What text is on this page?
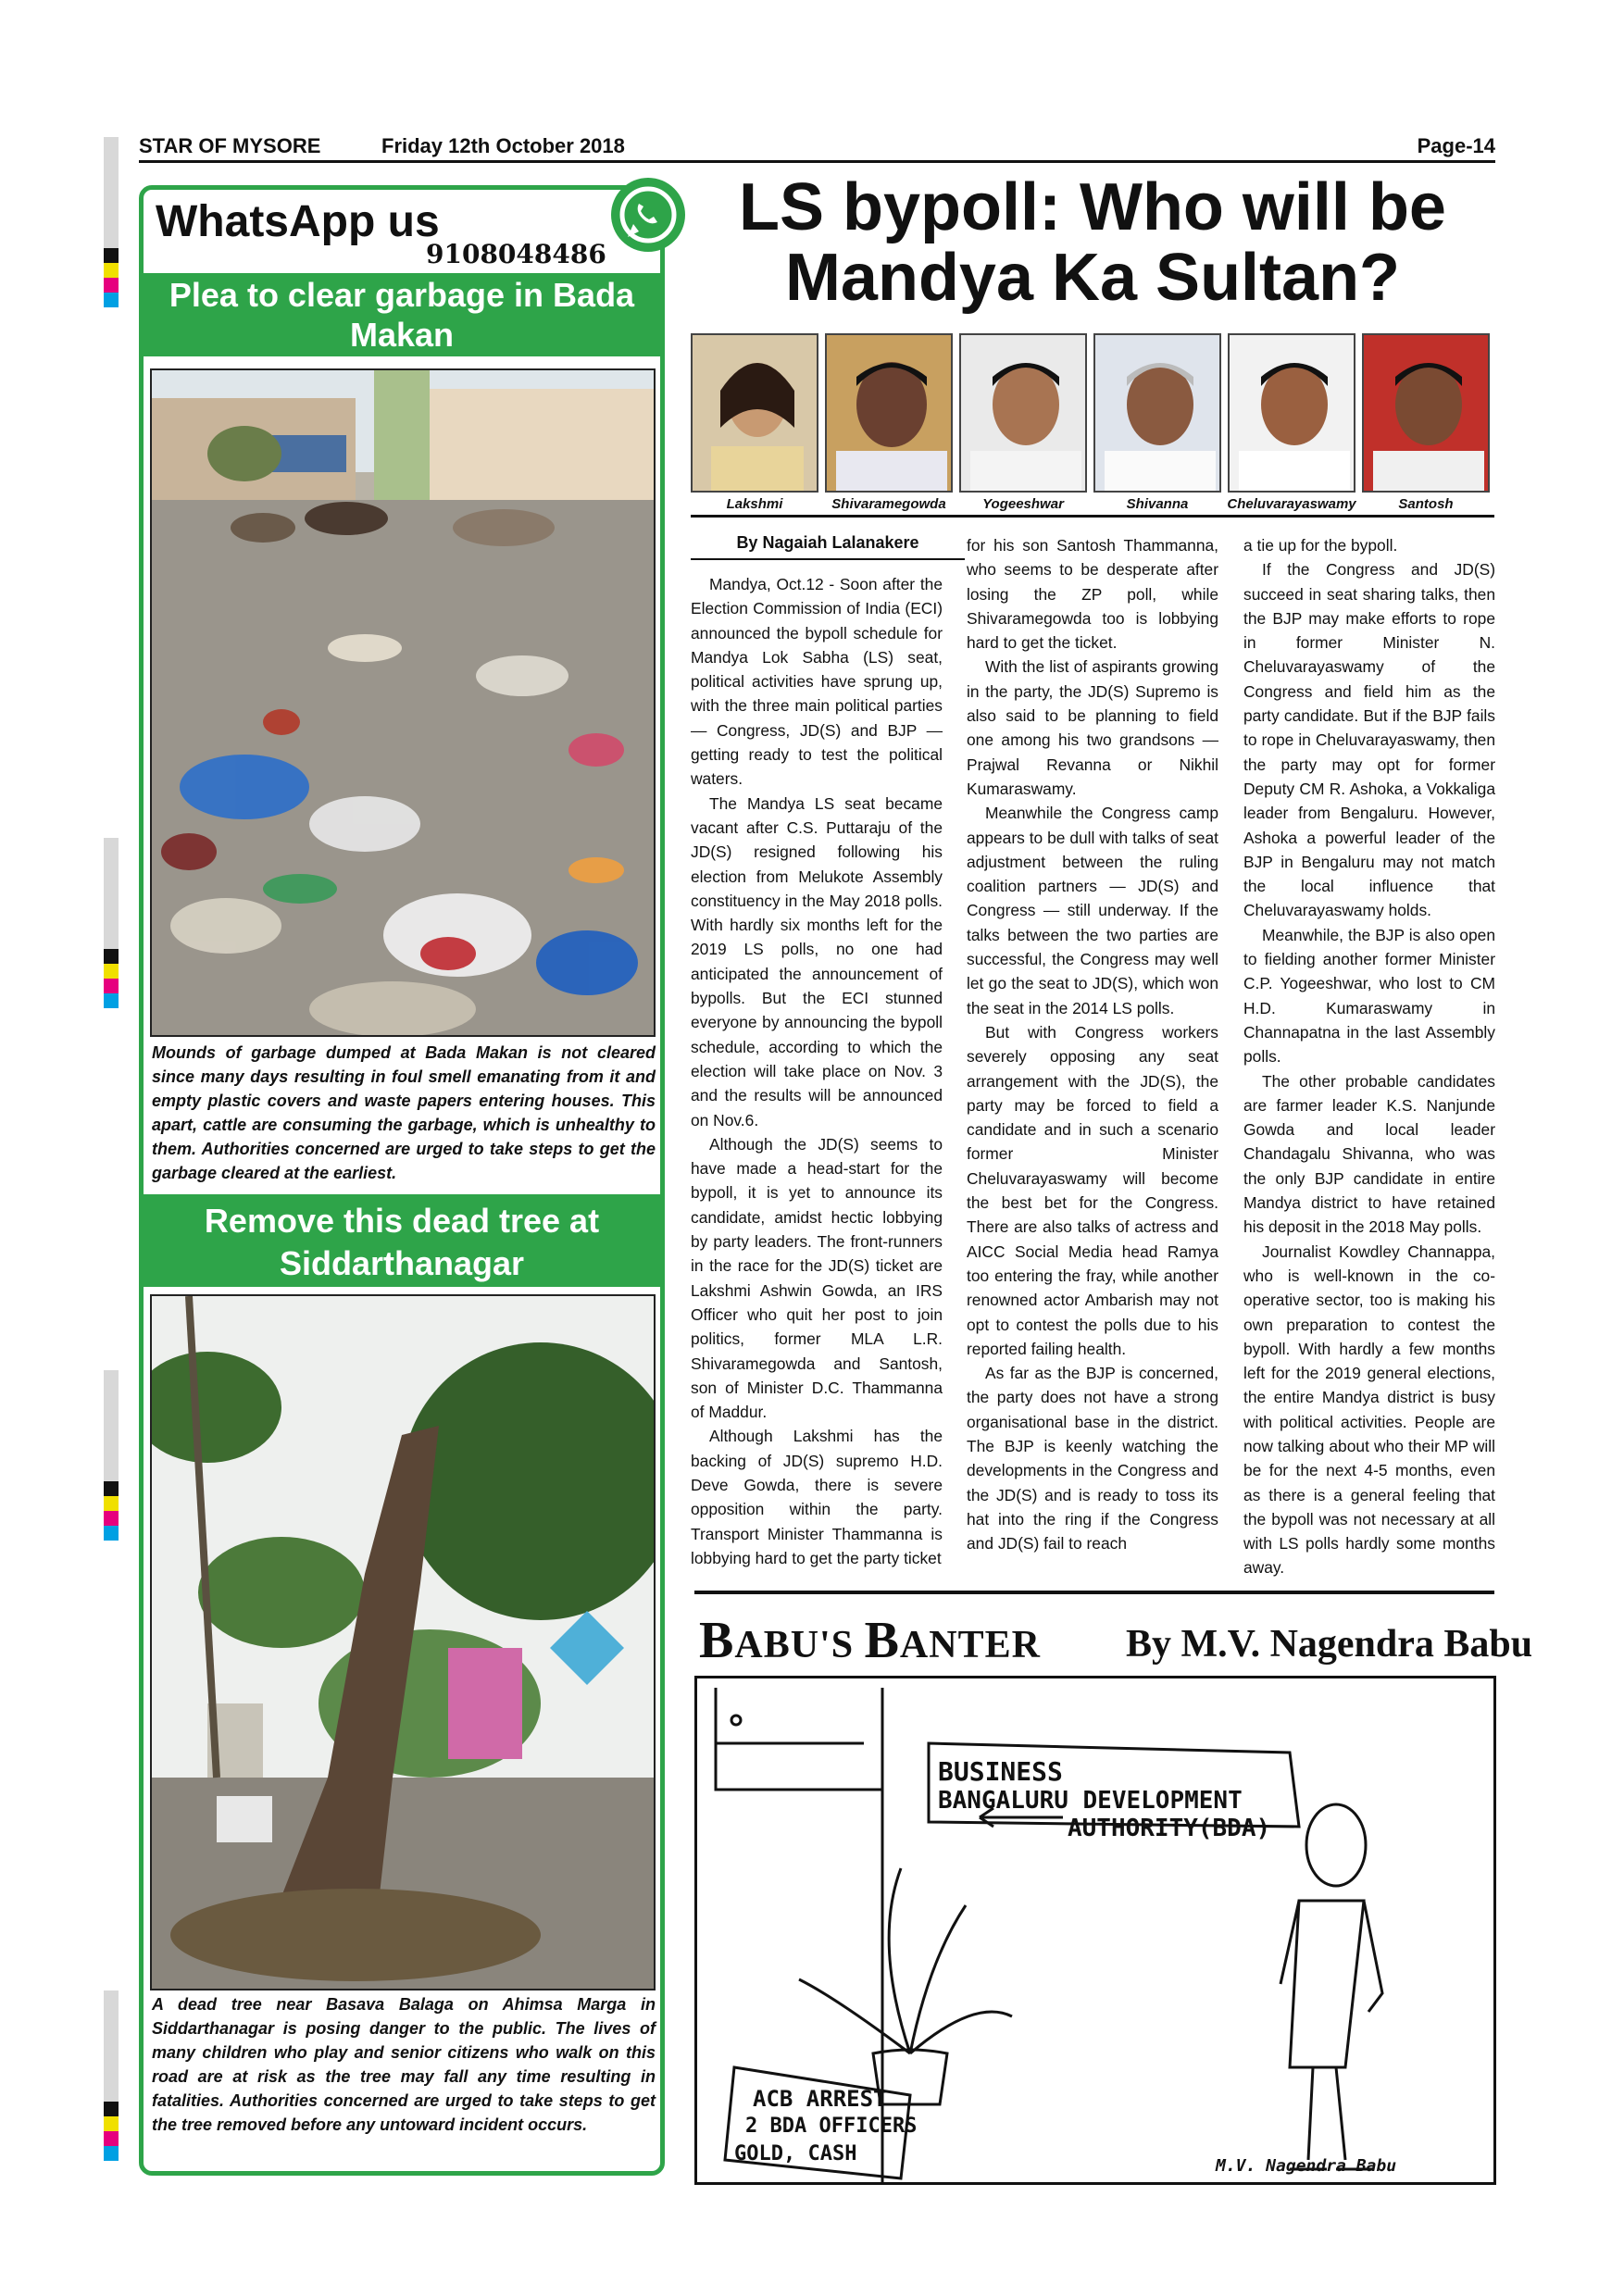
STAR OF MYSORE	Friday 12th October 2018	Page-14
WhatsApp us
9108048486
Plea to clear garbage in Bada Makan
Mounds of garbage dumped at Bada Makan is not cleared since many days resulting in foul smell emanating from it and empty plastic covers and waste papers entering houses. This apart, cattle are consuming the garbage, which is unhealthy to them. Authorities concerned are urged to take steps to get the garbage cleared at the earliest.
Remove this dead tree at Siddarthanagar
A dead tree near Basava Balaga on Ahimsa Marga in Siddarthanagar is posing danger to the public. The lives of many children who play and senior citizens who walk on this road are at risk as the tree may fall any time resulting in fatalities. Authorities concerned are urged to take steps to get the tree removed before any untoward incident occurs.
LS bypoll: Who will be
Mandya Ka Sultan?
Lakshmi	Shivaramegowda	Yogeeshwar	Shivanna	Cheluvarayaswamy	Santosh
By Nagaiah Lalanakere

Mandya, Oct.12 - Soon after the Election Commission of India (ECI) announced the bypoll schedule for Mandya Lok Sabha (LS) seat, political activities have sprung up, with the three main political parties — Congress, JD(S) and BJP — getting ready to test the political waters.

The Mandya LS seat became vacant after C.S. Puttaraju of the JD(S) resigned following his election from Melukote Assembly constituency in the May 2018 polls. With hardly six months left for the 2019 LS polls, no one had anticipated the announcement of bypolls. But the ECI stunned everyone by announcing the bypoll schedule, according to which the election will take place on Nov. 3 and the results will be announced on Nov.6.

Although the JD(S) seems to have made a head-start for the bypoll, it is yet to announce its candidate, amidst hectic lobbying by party leaders. The front-runners in the race for the JD(S) ticket are Lakshmi Ashwin Gowda, an IRS Officer who quit her post to join politics, former MLA L.R. Shivaramegowda and Santosh, son of Minister D.C. Thammanna of Maddur.

Although Lakshmi has the backing of JD(S) supremo H.D. Deve Gowda, there is severe opposition within the party. Transport Minister Thammanna is lobbying hard to get the party ticket

for his son Santosh Thammanna, who seems to be desperate after losing the ZP poll, while Shivaramegowda too is lobbying hard to get the ticket.

With the list of aspirants growing in the party, the JD(S) Supremo is also said to be planning to field one among his two grandsons — Prajwal Revanna or Nikhil Kumaraswamy.

Meanwhile the Congress camp appears to be dull with talks of seat adjustment between the ruling coalition partners — JD(S) and Congress — still underway. If the talks between the two parties are successful, the Congress may well let go the seat to JD(S), which won the seat in the 2014 LS polls.

But with Congress workers severely opposing any seat arrangement with the JD(S), the party may be forced to field a candidate and in such a scenario former Minister Cheluvarayaswamy will become the best bet for the Congress. There are also talks of actress and AICC Social Media head Ramya too entering the fray, while another renowned actor Ambarish may not opt to contest the polls due to his reported failing health.

As far as the BJP is concerned, the party does not have a strong organisational base in the district. The BJP is keenly watching the developments in the Congress and the JD(S) and is ready to toss its hat into the ring if the Congress and JD(S) fail to reach

a tie up for the bypoll.

If the Congress and JD(S) succeed in seat sharing talks, then the BJP may make efforts to rope in former Minister N. Cheluvarayaswamy of the Congress and field him as the party candidate. But if the BJP fails to rope in Cheluvarayaswamy, then the party may opt for former Deputy CM R. Ashoka, a Vokkaliga leader from Bengaluru. However, Ashoka a powerful leader of the BJP in Bengaluru may not match the local influence that Cheluvarayaswamy holds.

Meanwhile, the BJP is also open to fielding another former Minister C.P. Yogeeshwar, who lost to CM H.D. Kumaraswamy in Channapatna in the last Assembly polls.

The other probable candidates are farmer leader K.S. Nanjunde Gowda and local leader Chandagalu Shivanna, who was the only BJP candidate in entire Mandya district to have retained his deposit in the 2018 May polls.

Journalist Kowdley Channappa, who is well-known in the co-operative sector, too is making his own preparation to contest the bypoll. With hardly a few months left for the 2019 general elections, the entire Mandya district is busy with political activities. People are now talking about who their MP will be for the next 4-5 months, even as there is a general feeling that the bypoll was not necessary at all with LS polls hardly some months away.

BABU'S BANTER By M.V. Nagendra Babu
BUSINESS
BANGALURU DEVELOPMENT
AUTHORITY(BDA)
ACB ARREST
2 BDA OFFICERS
GOLD, CASH
M.V. Nagendra Babu
